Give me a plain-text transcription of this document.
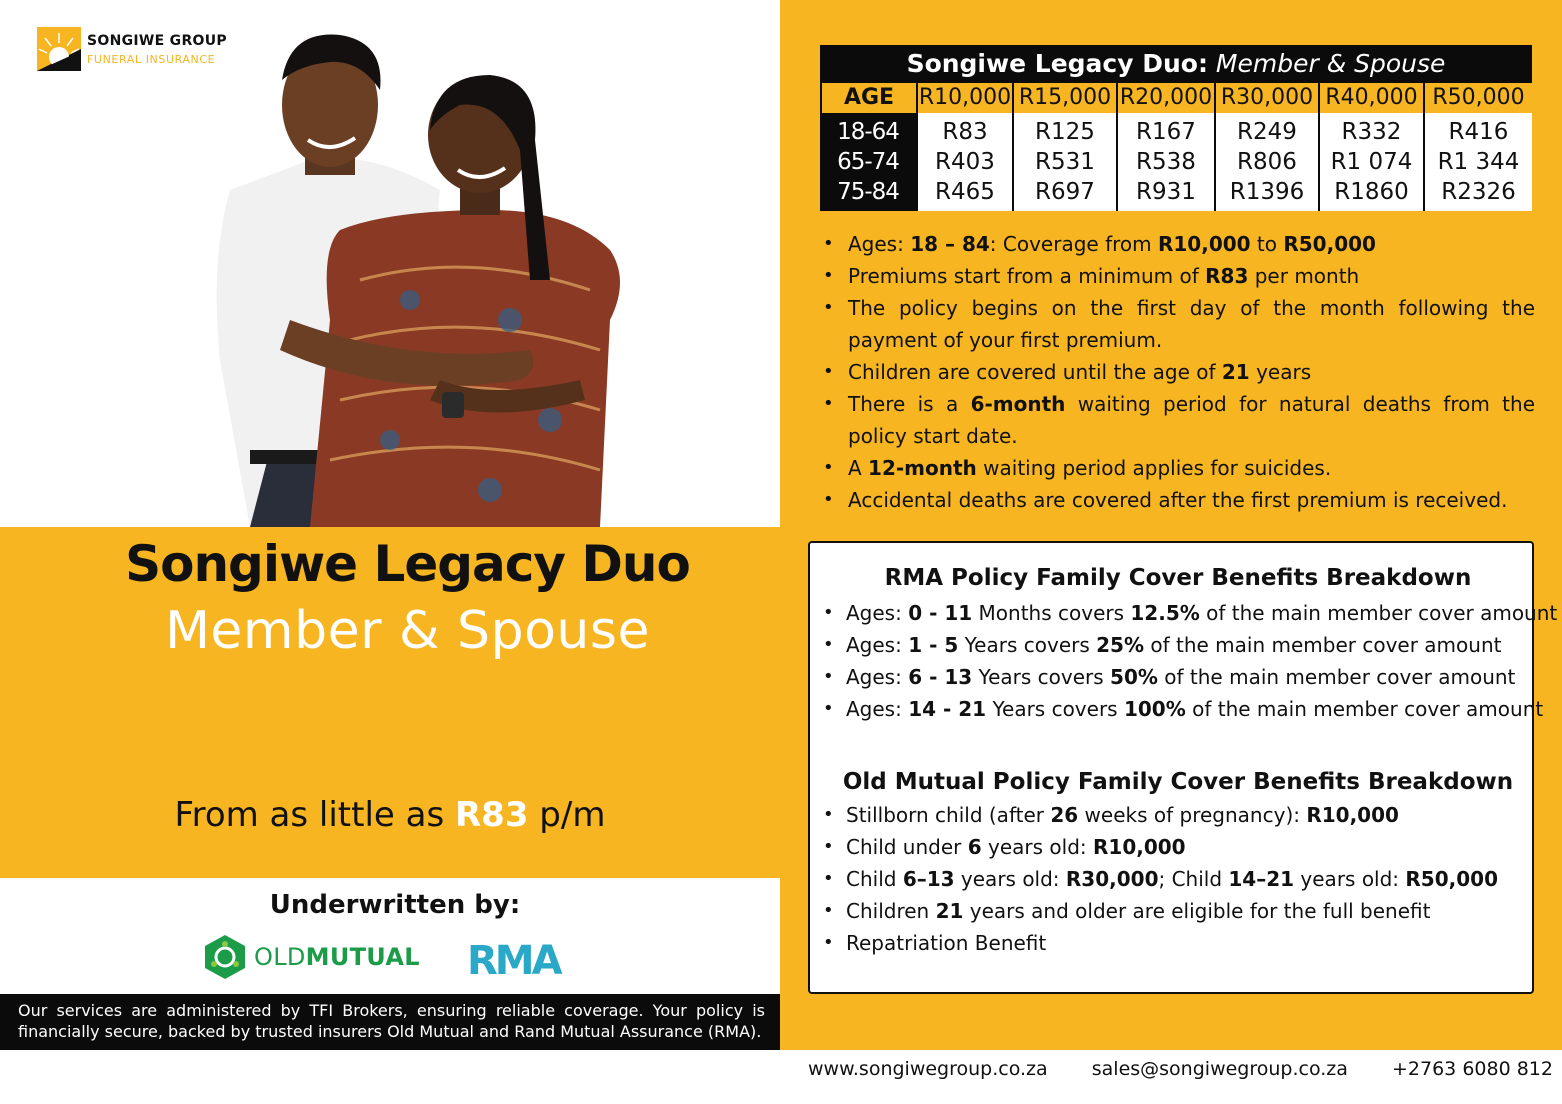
SONGIWE GROUP
FUNERAL INSURANCE
Songiwe Legacy Duo
Member & Spouse
From as little as R83 p/m
Underwritten by:
OLDMUTUAL RMA
Our services are administered by TFI Brokers, ensuring reliable coverage. Your policy is financially secure, backed by trusted insurers Old Mutual and Rand Mutual Assurance (RMA).
Songiwe Legacy Duo: Member & Spouse
AGE	R10,000 R15,000 R20,000 R30,000 R40,000 R50,000
18-64
65-74
75-84
R83
R403
R465
R125
R531
R697
R167
R538
R931
R249
R806
R1396
R332
R1 074
R1860
R416
R1 344
R2326
• Ages: 18 – 84: Coverage from R10,000 to R50,000
• Premiums start from a minimum of R83 per month
• The policy begins on the first day of the month following the payment of your first premium.
• Children are covered until the age of 21 years
• There is a 6-month waiting period for natural deaths from the policy start date.
• A 12-month waiting period applies for suicides.
• Accidental deaths are covered after the first premium is received.
RMA Policy Family Cover Benefits Breakdown
• Ages: 0 - 11 Months covers 12.5% of the main member cover amount
• Ages: 1 - 5 Years covers 25% of the main member cover amount
• Ages: 6 - 13 Years covers 50% of the main member cover amount
• Ages: 14 - 21 Years covers 100% of the main member cover amount
Old Mutual Policy Family Cover Benefits Breakdown
• Stillborn child (after 26 weeks of pregnancy): R10,000
• Child under 6 years old: R10,000
• Child 6–13 years old: R30,000; Child 14–21 years old: R50,000
• Children 21 years and older are eligible for the full benefit
• Repatriation Benefit
www.songiwegroup.co.za sales@songiwegroup.co.za +2763 6080 812
